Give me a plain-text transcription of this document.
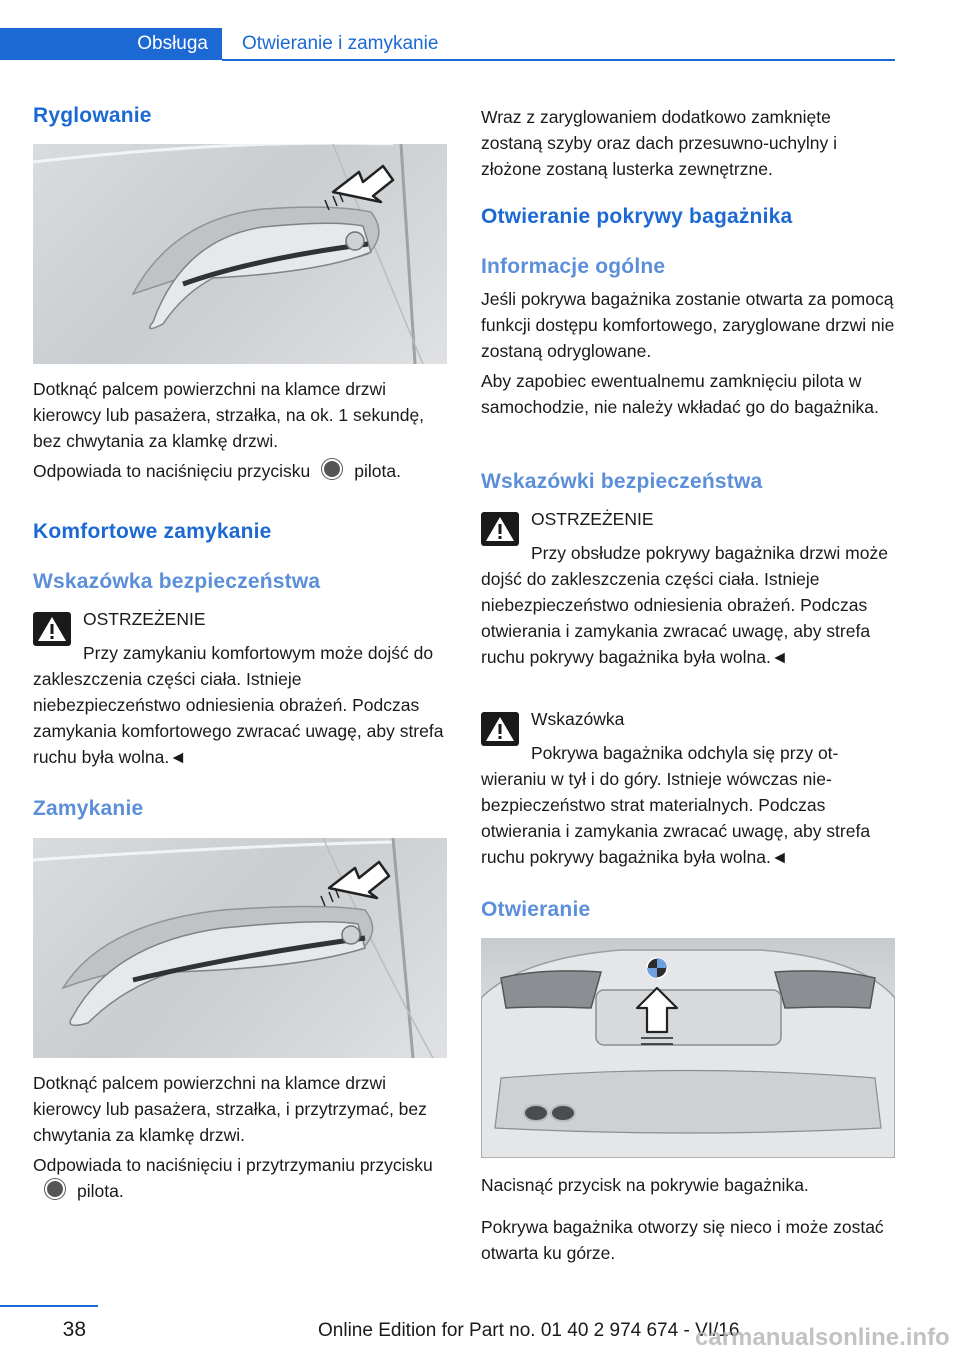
Obsługa	Otwieranie i zamykanie
Ryglowanie

Dotknąć palcem powierzchni na klamce drzwi kierowcy lub pasażera, strzałka, na ok. 1 sekundę, bez chwytania za klamkę drzwi.

Odpowiada to naciśnięciu przycisku	pilota.

Komfortowe zamykanie
Wskazówka bezpieczeństwa

OSTRZEŻENIE

Przy zamykaniu komfortowym może dojść do zakleszczenia części ciała. Istnieje niebezpieczeństwo odniesienia obrażeń. Podczas zamykania komfortowego zwracać uwagę, aby strefa ruchu była wolna.◄

Zamykanie

Dotknąć palcem powierzchni na klamce drzwi kierowcy lub pasażera, strzałka, i przytrzymać, bez chwytania za klamkę drzwi.

Odpowiada to naciśnięciu i przytrzymaniu przyciskupilota.

Wraz z zaryglowaniem dodatkowo zamknięte zostaną szyby oraz dach przesuwno-uchylny i złożone zostaną lusterka zewnętrzne.

Otwieranie pokrywy bagażnika
Informacje ogólne

Jeśli pokrywa bagażnika zostanie otwarta za pomocą funkcji dostępu komfortowego, zaryglowane drzwi nie zostaną odryglowane.

Aby zapobiec ewentualnemu zamknięciu pilota w samochodzie, nie należy wkładać go do bagażnika.

Wskazówki bezpieczeństwa

OSTRZEŻENIE

Przy obsłudze pokrywy bagażnika drzwi może dojść do zakleszczenia części ciała. Istnieje niebezpieczeństwo odniesienia obrażeń. Podczas otwierania i zamykania zwracać uwagę, aby strefa ruchu pokrywy bagażnika była wolna.◄

Wskazówka

Pokrywa bagażnika odchyla się przy otwieraniu w tył i do góry. Istnieje wówczas niebezpieczeństwo strat materialnych. Podczas otwierania i zamykania zwracać uwagę, aby strefa ruchu pokrywy bagażnika była wolna.◄

Otwieranie

Nacisnąć przycisk na pokrywie bagażnika.

Pokrywa bagażnika otworzy się nieco i może zostać otwarta ku górze.

38	Online Edition for Part no. 01 40 2 974 674 - VI/16
carmanualsonline.info
